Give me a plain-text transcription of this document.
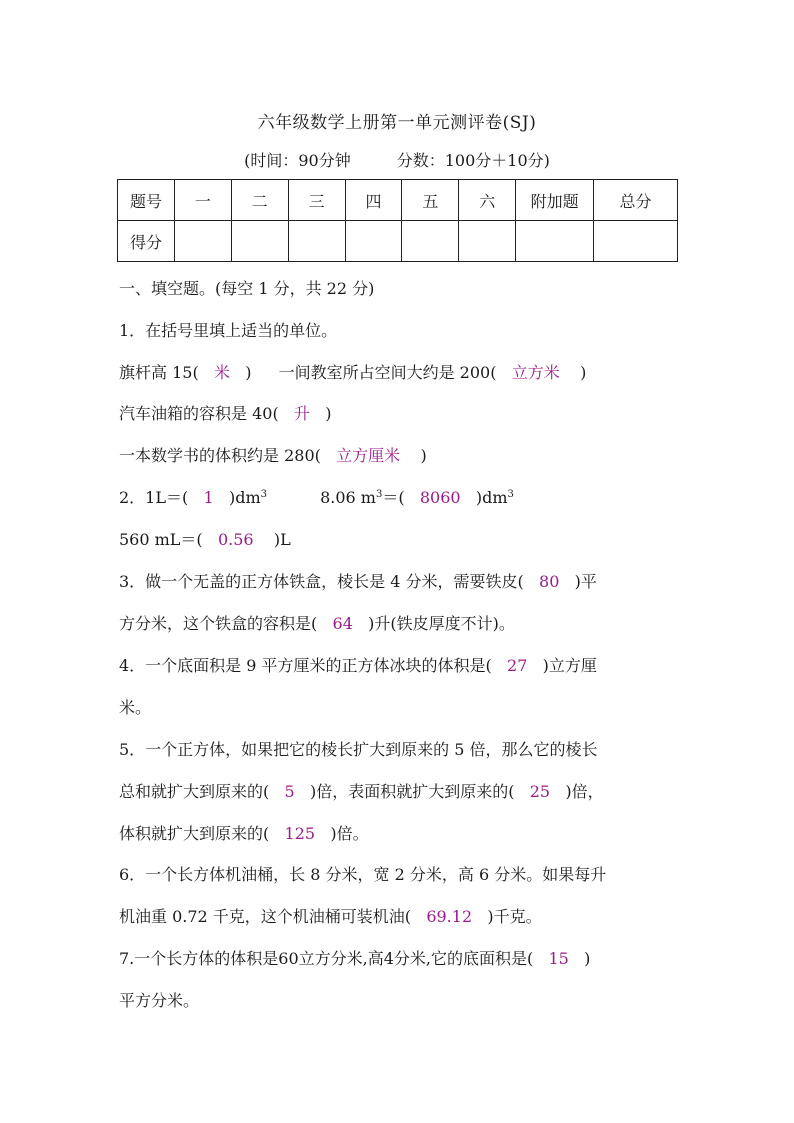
六年级数学上册第一单元测评卷(SJ)
(时间：90分钟	分数：100分＋10分)
题号	一	二	三	四	五	六	附加题	总分
得分								
一、填空题。(每空 1 分，共 22 分)
1．在括号里填上适当的单位。
旗杆高 15( 米 ) 一间教室所占空间大约是 200( 立方米 )
汽车油箱的容积是 40( 升 )
一本数学书的体积约是 280( 立方厘米 )
2．1L＝( 1 )$dm^3$	8.06 $m^3=$( 8060 )$dm^3$
560 mL＝( 0.56 )L
3．做一个无盖的正方体铁盒，棱长是 4 分米，需要铁皮( 80 )平
方分米，这个铁盒的容积是( 64 )升(铁皮厚度不计)。
4．一个底面积是 9 平方厘米的正方体冰块的体积是( 27 )立方厘
米。
5．一个正方体，如果把它的棱长扩大到原来的 5 倍，那么它的棱长
总和就扩大到原来的( 5 )倍，表面积就扩大到原来的( 25 )倍，
体积就扩大到原来的( 125 )倍。
6．一个长方体机油桶，长 8 分米，宽 2 分米，高 6 分米。如果每升
机油重 0.72 千克，这个机油桶可装机油( 69.12 )千克。
7.一个长方体的体积是60立方分米,高4分米,它的底面积是( 15 )
平方分米。
